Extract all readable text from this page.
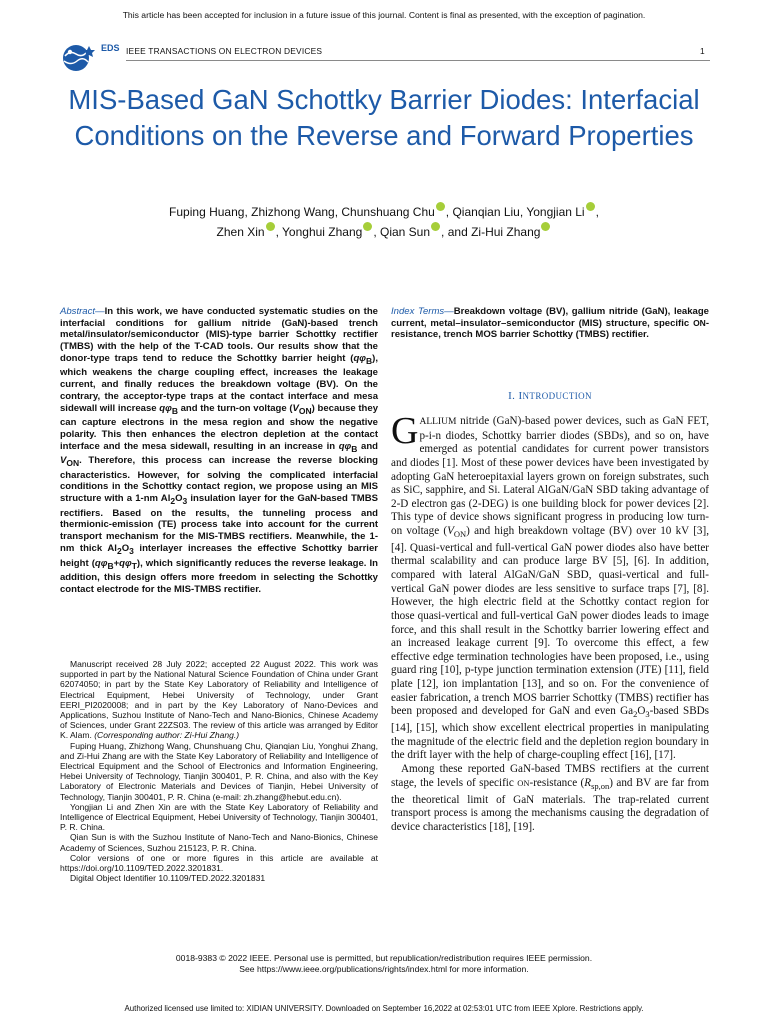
This article has been accepted for inclusion in a future issue of this journal. Content is final as presented, with the exception of pagination.
EDS IEEE TRANSACTIONS ON ELECTRON DEVICES	1
MIS-Based GaN Schottky Barrier Diodes: Interfacial Conditions on the Reverse and Forward Properties
Fuping Huang, Zhizhong Wang, Chunshuang Chu , Qianqian Liu, Yongjian Li ,
Zhen Xin , Yonghui Zhang , Qian Sun , and Zi-Hui Zhang
Abstract—In this work, we have conducted systematic studies on the interfacial conditions for gallium nitride (GaN)-based trench metal/insulator/semiconductor (MIS)-type barrier Schottky rectifier (TMBS) with the help of the T-CAD tools. Our results show that the donor-type traps tend to reduce the Schottky barrier height $(q\varphi_B)$, which weakens the charge coupling effect, increases the leakage current, and finally reduces the breakdown voltage (BV). On the contrary, the acceptor-type traps at the contact interface and mesa sidewall will increase $q\varphi_B$ and the turn-on voltage $(V_{ON})$ because they can capture electrons in the mesa region and show the negative polarity. This then enhances the electron depletion at the contact interface and the mesa sidewall, resulting in an increase in $q\varphi_B$ and $V_{ON}$. Therefore, this process can increase the reverse blocking characteristics. However, for solving the complicated interfacial conditions in the Schottky contact region, we propose using an MIS structure with a 1-nm $Al_2O_3$ insulation layer for the GaN-based TMBS rectifiers. Based on the results, the tunneling process and thermionic-emission (TE) process take into account for the current transport mechanism for the MIS-TMBS rectifiers. Meanwhile, the 1-nm thick $Al_2O_3$ interlayer increases the effective Schottky barrier height $(q\varphi_B+q\varphi_T)$, which significantly reduces the reverse leakage. In addition, this design offers more freedom in selecting the Schottky contact electrode for the MIS-TMBS rectifier.
Index Terms—Breakdown voltage (BV), gallium nitride (GaN), leakage current, metal–insulator–semiconductor (MIS) structure, specific ON-resistance, trench MOS barrier Schottky (TMBS) rectifier.
I. INTRODUCTION
GALLIUM nitride (GaN)-based power devices, such as GaN FET, p-i-n diodes, Schottky barrier diodes (SBDs), and so on, have emerged as potential candidates for current power transistors and diodes [1]. Most of these power devices have been investigated by adopting GaN heteroepitaxial layers grown on foreign substrates, such as SiC, sapphire, and Si. Lateral AlGaN/GaN SBD taking advantage of 2-D electron gas (2-DEG) is one building block for power devices [2]. This type of device shows significant progress in producing low turn-on voltage $(V_{ON})$ and high breakdown voltage (BV) over 10 kV [3], [4]. Quasi-vertical and full-vertical GaN power diodes also have better thermal scalability and can produce large BV [5], [6]. In addition, compared with lateral AlGaN/GaN SBD, quasi-vertical and full-vertical GaN power diodes are less sensitive to surface traps [7], [8]. However, the high electric field at the Schottky contact region for those quasi-vertical and full-vertical GaN power diodes leads to image force, and this shall result in the Schottky barrier lowering effect and an increased leakage current [9]. To overcome this effect, a few effective edge termination technologies have been proposed, i.e., using guard ring [10], p-type junction termination extension (JTE) [11], field plate [12], ion implantation [13], and so on. For the convenience of easier fabrication, a trench MOS barrier Schottky (TMBS) rectifier has been proposed and developed for GaN and even $Ga_2O_3$-based SBDs [14], [15], which show excellent electrical properties in manipulating the magnitude of the electric field and the depletion region boundary in the drift layer with the help of charge-coupling effect [16], [17].
Among these reported GaN-based TMBS rectifiers at the current stage, the levels of specific ON-resistance $(R_{sp,on})$ and BV are far from the theoretical limit of GaN materials. The trap-related current transport process is among the mechanisms causing the degradation of device characteristics [18], [19].

Manuscript received 28 July 2022; accepted 22 August 2022. This work was supported in part by the National Natural Science Foundation of China under Grant 62074050; in part by the State Key Laboratory of Reliability and Intelligence of Electrical Equipment, Hebei University of Technology, under Grant EERI_PI2020008; and in part by the Key Laboratory of Nano-Devices and Applications, Suzhou Institute of Nano-Tech and Nano-Bionics, Chinese Academy of Sciences, under Grant 22ZS03. The review of this article was arranged by Editor K. Alam. (Corresponding author: Zi-Hui Zhang.)

Fuping Huang, Zhizhong Wang, Chunshuang Chu, Qianqian Liu, Yonghui Zhang, and Zi-Hui Zhang are with the State Key Laboratory of Reliability and Intelligence of Electrical Equipment and the School of Electronics and Information Engineering, Hebei University of Technology, Tianjin 300401, P. R. China, and also with the Key Laboratory of Electronic Materials and Devices of Tianjin, Hebei University of Technology, Tianjin 300401, P. R. China (e-mail: zh.zhang@hebut.edu.cn).

Yongjian Li and Zhen Xin are with the State Key Laboratory of Reliability and Intelligence of Electrical Equipment, Hebei University of Technology, Tianjin 300401, P. R. China.

Qian Sun is with the Suzhou Institute of Nano-Tech and Nano-Bionics, Chinese Academy of Sciences, Suzhou 215123, P. R. China.

Color versions of one or more figures in this article are available at https://doi.org/10.1109/TED.2022.3201831.

Digital Object Identifier 10.1109/TED.2022.3201831

0018-9383 © 2022 IEEE. Personal use is permitted, but republication/redistribution requires IEEE permission.
See https://www.ieee.org/publications/rights/index.html for more information.
Authorized licensed use limited to: XIDIAN UNIVERSITY. Downloaded on September 16,2022 at 02:53:01 UTC from IEEE Xplore. Restrictions apply.
